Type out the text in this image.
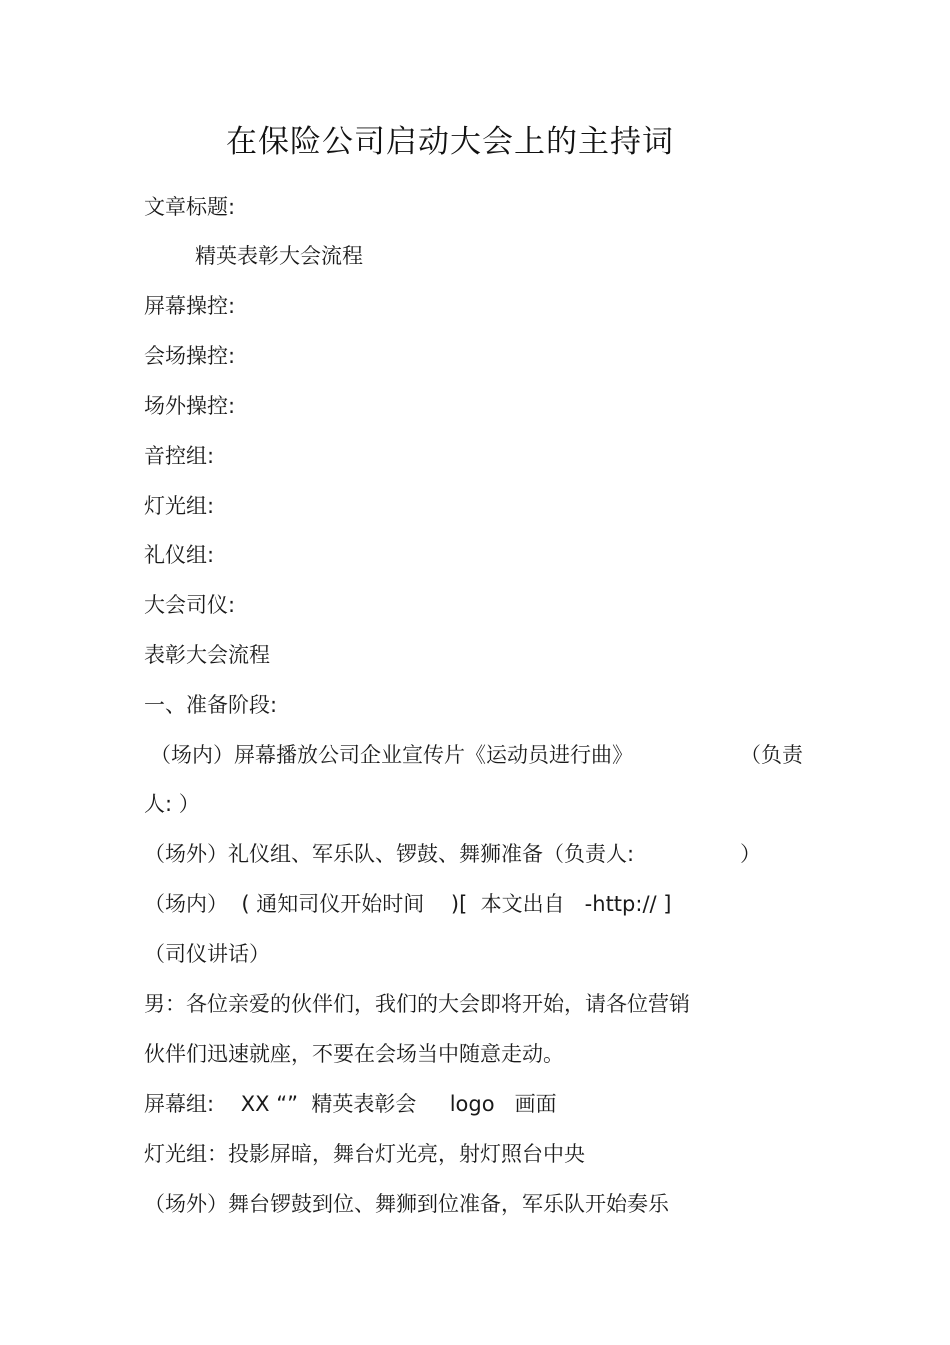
在保险公司启动大会上的主持词
文章标题:
精英表彰大会流程
屏幕操控:
会场操控:
场外操控:
音控组:
灯光组:
礼仪组:
大会司仪:
表彰大会流程
一、准备阶段:
（场内）屏幕播放公司企业宣传片《运动员进行曲》	（负责
人: ）
（场外）礼仪组、军乐队、锣鼓、舞狮准备（负责人:	）
（场内）  ( 通知司仪开始时间    )[  本文出自   -http:// ]
（司仪讲话）
男：各位亲爱的伙伴们，我们的大会即将开始，请各位营销
伙伴们迅速就座，不要在会场当中随意走动。
屏幕组:    XX “”  精英表彰会     logo   画面
灯光组：投影屏暗，舞台灯光亮，射灯照台中央
（场外）舞台锣鼓到位、舞狮到位准备，军乐队开始奏乐
